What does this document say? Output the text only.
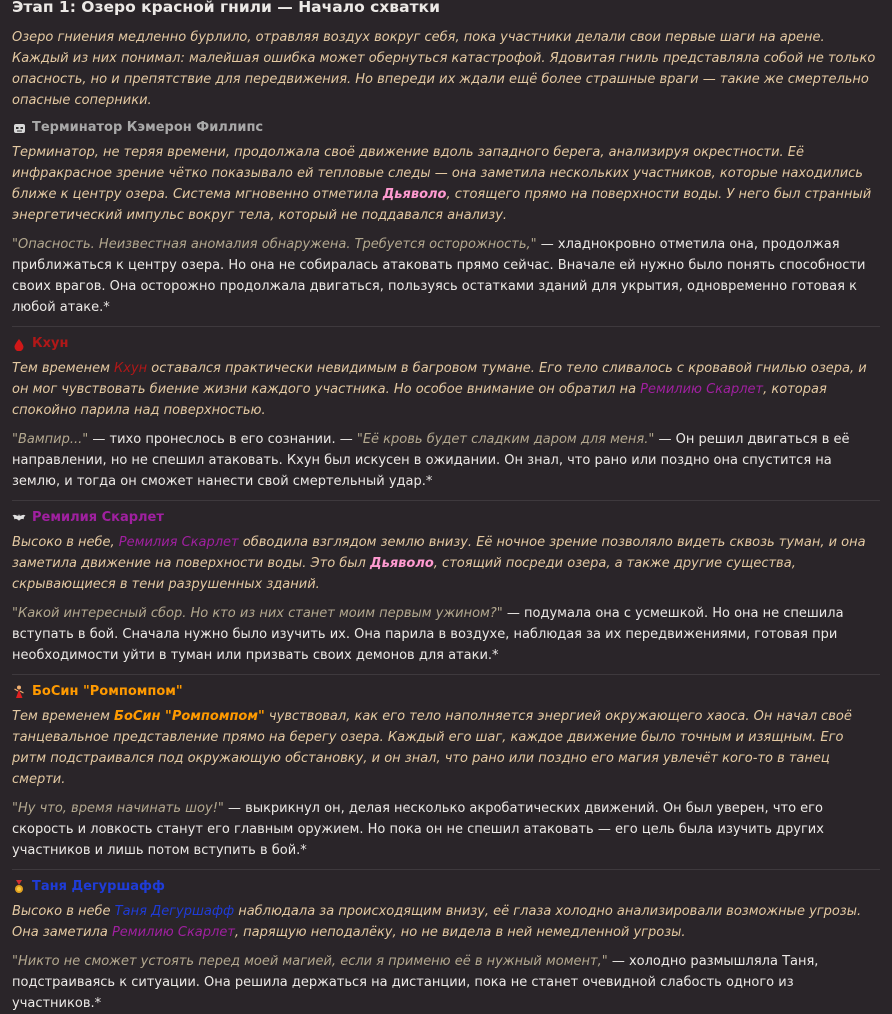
Этап 1: Озеро красной гнили — Начало схватки

Озеро гниения медленно бурлило, отравляя воздух вокруг себя, пока участники делали свои первые шаги на арене. Каждый из них понимал: малейшая ошибка может обернуться катастрофой. Ядовитая гниль представляла собой не только опасность, но и препятствие для передвижения. Но впереди их ждали ещё более страшные враги — такие же смертельно опасные соперники.

Терминатор Кэмерон Филлипс

Терминатор, не теряя времени, продолжала своё движение вдоль западного берега, анализируя окрестности. Её инфракрасное зрение чётко показывало ей тепловые следы — она заметила нескольких участников, которые находились ближе к центру озера. Система мгновенно отметила Дьяволо, стоящего прямо на поверхности воды. У него был странный энергетический импульс вокруг тела, который не поддавался анализу.

"Опасность. Неизвестная аномалия обнаружена. Требуется осторожность," — хладнокровно отметила она, продолжая приближаться к центру озера. Но она не собиралась атаковать прямо сейчас. Вначале ей нужно было понять способности своих врагов. Она осторожно продолжала двигаться, пользуясь остатками зданий для укрытия, одновременно готовая к любой атаке.*

Кхун

Тем временем Кхун оставался практически невидимым в багровом тумане. Его тело сливалось с кровавой гнилью озера, и он мог чувствовать биение жизни каждого участника. Но особое внимание он обратил на Ремилию Скарлет, которая спокойно парила над поверхностью.

"Вампир..." — тихо пронеслось в его сознании. — "Её кровь будет сладким даром для меня." — Он решил двигаться в её направлении, но не спешил атаковать. Кхун был искусен в ожидании. Он знал, что рано или поздно она спустится на землю, и тогда он сможет нанести свой смертельный удар.*

Ремилия Скарлет

Высоко в небе, Ремилия Скарлет обводила взглядом землю внизу. Её ночное зрение позволяло видеть сквозь туман, и она заметила движение на поверхности воды. Это был Дьяволо, стоящий посреди озера, а также другие существа, скрывающиеся в тени разрушенных зданий.

"Какой интересный сбор. Но кто из них станет моим первым ужином?" — подумала она с усмешкой. Но она не спешила вступать в бой. Сначала нужно было изучить их. Она парила в воздухе, наблюдая за их передвижениями, готовая при необходимости уйти в туман или призвать своих демонов для атаки.*

БоСин "Ромпомпом"

Тем временем БоСин "Ромпомпом" чувствовал, как его тело наполняется энергией окружающего хаоса. Он начал своё танцевальное представление прямо на берегу озера. Каждый его шаг, каждое движение было точным и изящным. Его ритм подстраивался под окружающую обстановку, и он знал, что рано или поздно его магия увлечёт кого-то в танец смерти.

"Ну что, время начинать шоу!" — выкрикнул он, делая несколько акробатических движений. Он был уверен, что его скорость и ловкость станут его главным оружием. Но пока он не спешил атаковать — его цель была изучить других участников и лишь потом вступить в бой.*

Таня Дегуршафф

Высоко в небе Таня Дегуршафф наблюдала за происходящим внизу, её глаза холодно анализировали возможные угрозы. Она заметила Ремилию Скарлет, парящую неподалёку, но не видела в ней немедленной угрозы.

"Никто не сможет устоять перед моей магией, если я применю её в нужный момент," — холодно размышляла Таня, подстраиваясь к ситуации. Она решила держаться на дистанции, пока не станет очевидной слабость одного из участников.*
